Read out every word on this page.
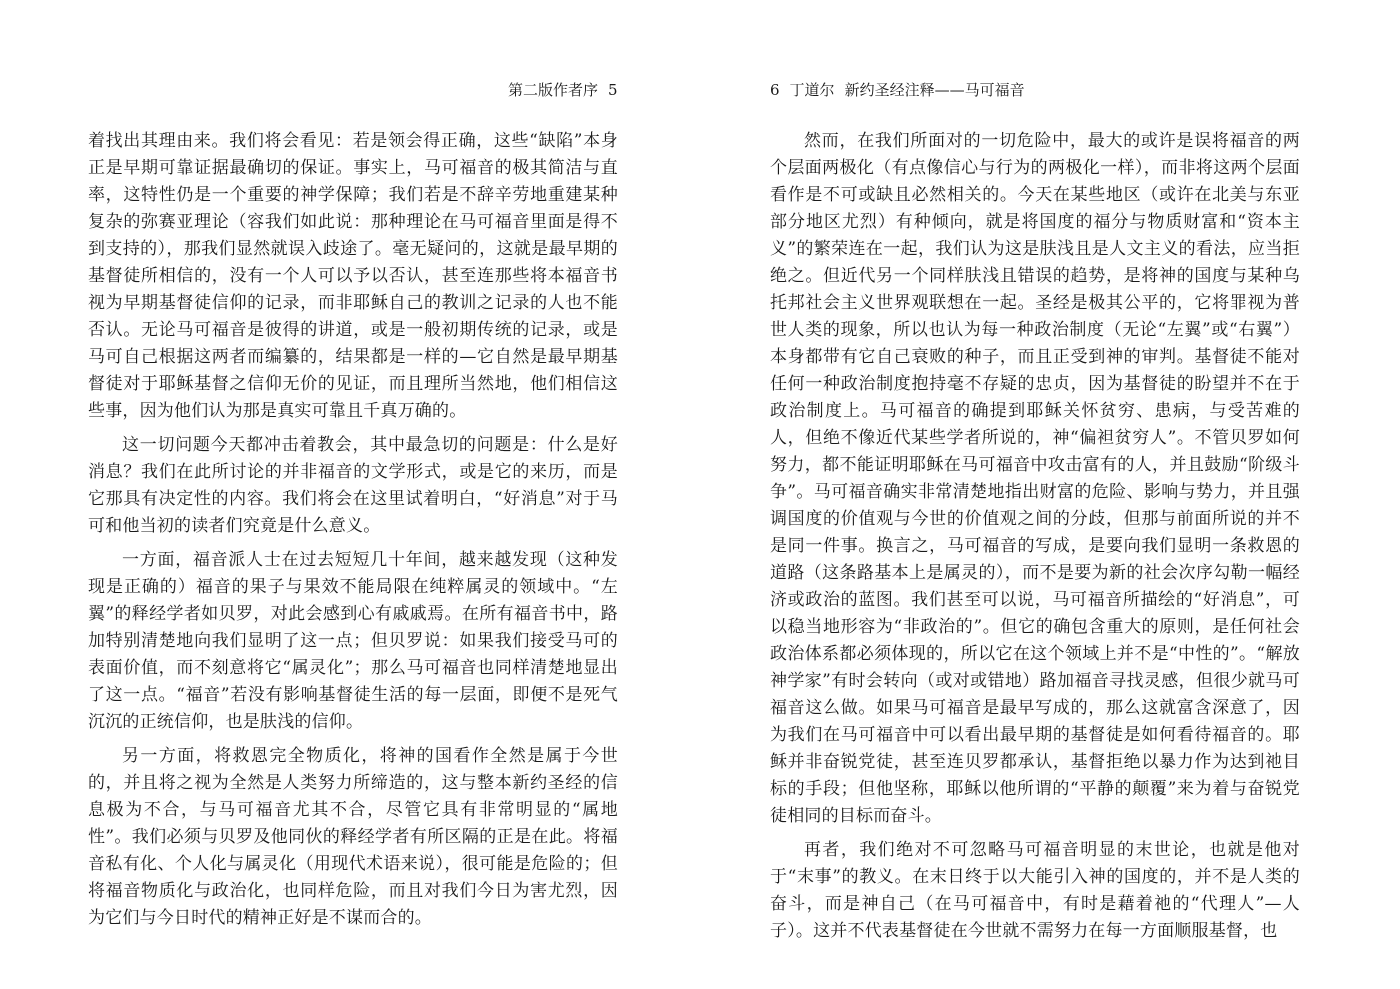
第二版作者序 5

着找出其理由来。我们将会看见：若是领会得正确，这些“缺陷”本身正是早期可靠证据最确切的保证。事实上，马可福音的极其简洁与直率，这特性仍是一个重要的神学保障；我们若是不辞辛劳地重建某种复杂的弥赛亚理论（容我们如此说：那种理论在马可福音里面是得不到支持的），那我们显然就误入歧途了。毫无疑问的，这就是最早期的基督徒所相信的，没有一个人可以予以否认，甚至连那些将本福音书视为早期基督徒信仰的记录，而非耶稣自己的教训之记录的人也不能否认。无论马可福音是彼得的讲道，或是一般初期传统的记录，或是马可自己根据这两者而编纂的，结果都是一样的—它自然是最早期基督徒对于耶稣基督之信仰无价的见证，而且理所当然地，他们相信这些事，因为他们认为那是真实可靠且千真万确的。

这一切问题今天都冲击着教会，其中最急切的问题是：什么是好消息？我们在此所讨论的并非福音的文学形式，或是它的来历，而是它那具有决定性的内容。我们将会在这里试着明白，“好消息”对于马可和他当初的读者们究竟是什么意义。

一方面，福音派人士在过去短短几十年间，越来越发现（这种发现是正确的）福音的果子与果效不能局限在纯粹属灵的领域中。“左翼”的释经学者如贝罗，对此会感到心有戚戚焉。在所有福音书中，路加特别清楚地向我们显明了这一点；但贝罗说：如果我们接受马可的表面价值，而不刻意将它“属灵化”；那么马可福音也同样清楚地显出了这一点。“福音”若没有影响基督徒生活的每一层面，即便不是死气沉沉的正统信仰，也是肤浅的信仰。

另一方面，将救恩完全物质化，将神的国看作全然是属于今世的，并且将之视为全然是人类努力所缔造的，这与整本新约圣经的信息极为不合，与马可福音尤其不合，尽管它具有非常明显的“属地性”。我们必须与贝罗及他同伙的释经学者有所区隔的正是在此。将福音私有化、个人化与属灵化（用现代术语来说），很可能是危险的；但将福音物质化与政治化，也同样危险，而且对我们今日为害尤烈，因为它们与今日时代的精神正好是不谋而合的。

6 丁道尔 新约圣经注释——马可福音

然而，在我们所面对的一切危险中，最大的或许是误将福音的两个层面两极化（有点像信心与行为的两极化一样），而非将这两个层面看作是不可或缺且必然相关的。今天在某些地区（或许在北美与东亚部分地区尤烈）有种倾向，就是将国度的福分与物质财富和“资本主义”的繁荣连在一起，我们认为这是肤浅且是人文主义的看法，应当拒绝之。但近代另一个同样肤浅且错误的趋势，是将神的国度与某种乌托邦社会主义世界观联想在一起。圣经是极其公平的，它将罪视为普世人类的现象，所以也认为每一种政治制度（无论“左翼”或“右翼”）本身都带有它自己衰败的种子，而且正受到神的审判。基督徒不能对任何一种政治制度抱持毫不存疑的忠贞，因为基督徒的盼望并不在于政治制度上。马可福音的确提到耶稣关怀贫穷、患病，与受苦难的人，但绝不像近代某些学者所说的，神“偏袒贫穷人”。不管贝罗如何努力，都不能证明耶稣在马可福音中攻击富有的人，并且鼓励“阶级斗争”。马可福音确实非常清楚地指出财富的危险、影响与势力，并且强调国度的价值观与今世的价值观之间的分歧，但那与前面所说的并不是同一件事。换言之，马可福音的写成，是要向我们显明一条救恩的道路（这条路基本上是属灵的），而不是要为新的社会次序勾勒一幅经济或政治的蓝图。我们甚至可以说，马可福音所描绘的“好消息”，可以稳当地形容为“非政治的”。但它的确包含重大的原则，是任何社会政治体系都必须体现的，所以它在这个领域上并不是“中性的”。“解放神学家”有时会转向（或对或错地）路加福音寻找灵感，但很少就马可福音这么做。如果马可福音是最早写成的，那么这就富含深意了，因为我们在马可福音中可以看出最早期的基督徒是如何看待福音的。耶稣并非奋锐党徒，甚至连贝罗都承认，基督拒绝以暴力作为达到祂目标的手段；但他坚称，耶稣以他所谓的“平静的颠覆”来为着与奋锐党徒相同的目标而奋斗。

再者，我们绝对不可忽略马可福音明显的末世论，也就是他对于“末事”的教义。在末日终于以大能引入神的国度的，并不是人类的奋斗，而是神自己（在马可福音中，有时是藉着祂的“代理人”—人子）。这并不代表基督徒在今世就不需努力在每一方面顺服基督，也
